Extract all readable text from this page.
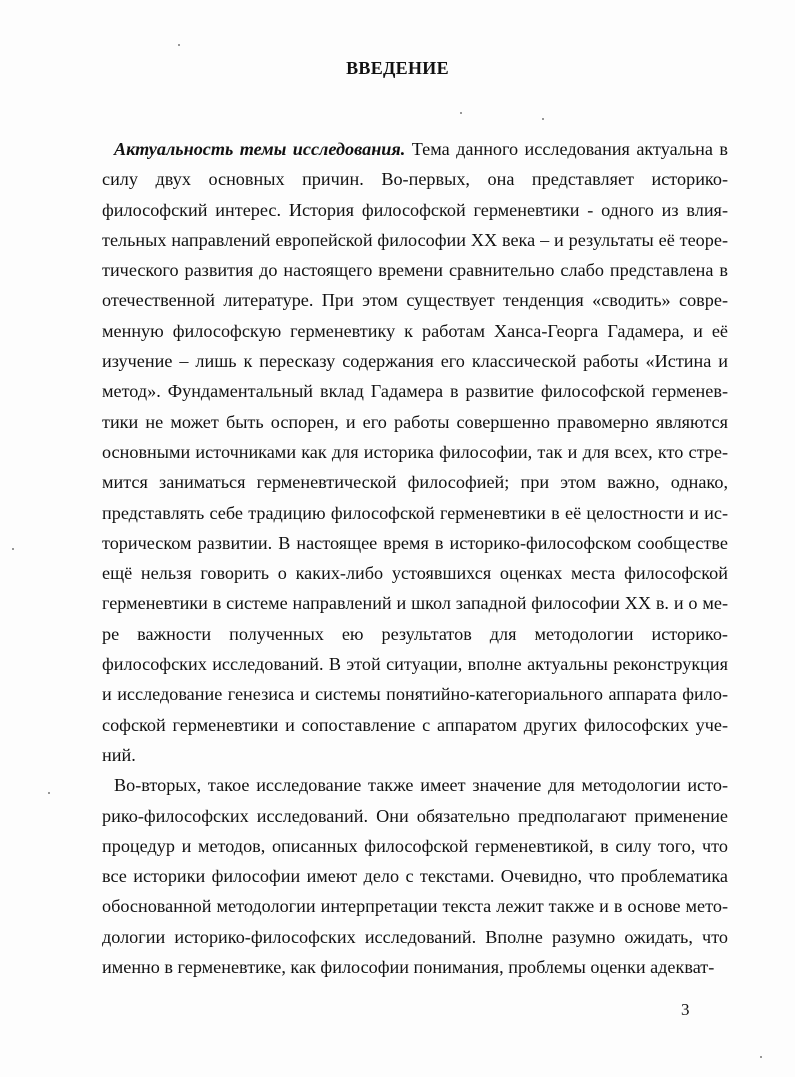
ВВЕДЕНИЕ

Актуальность темы исследования. Тема данного исследования актуальна в силу двух основных причин. Во-первых, она представляет историко-философский интерес. История философской герменевтики - одного из влиятельных направлений европейской философии XX века – и результаты её теоретического развития до настоящего времени сравнительно слабо представлена в отечественной литературе. При этом существует тенденция «сводить» современную философскую герменевтику к работам Ханса-Георга Гадамера, и её изучение – лишь к пересказу содержания его классической работы «Истина и метод». Фундаментальный вклад Гадамера в развитие философской герменевтики не может быть оспорен, и его работы совершенно правомерно являются основными источниками как для историка философии, так и для всех, кто стремится заниматься герменевтической философией; при этом важно, однако, представлять себе традицию философской герменевтики в её целостности и историческом развитии. В настоящее время в историко-философском сообществе ещё нельзя говорить о каких-либо устоявшихся оценках места философской герменевтики в системе направлений и школ западной философии XX в. и о мере важности полученных ею результатов для методологии историко-философских исследований. В этой ситуации, вполне актуальны реконструкция и исследование генезиса и системы понятийно-категориального аппарата философской герменевтики и сопоставление с аппаратом других философских учений.

Во-вторых, такое исследование также имеет значение для методологии историко-философских исследований. Они обязательно предполагают применение процедур и методов, описанных философской герменевтикой, в силу того, что все историки философии имеют дело с текстами. Очевидно, что проблематика обоснованной методологии интерпретации текста лежит также и в основе методологии историко-философских исследований. Вполне разумно ожидать, что именно в герменевтике, как философии понимания, проблемы оценки адекват-

3
